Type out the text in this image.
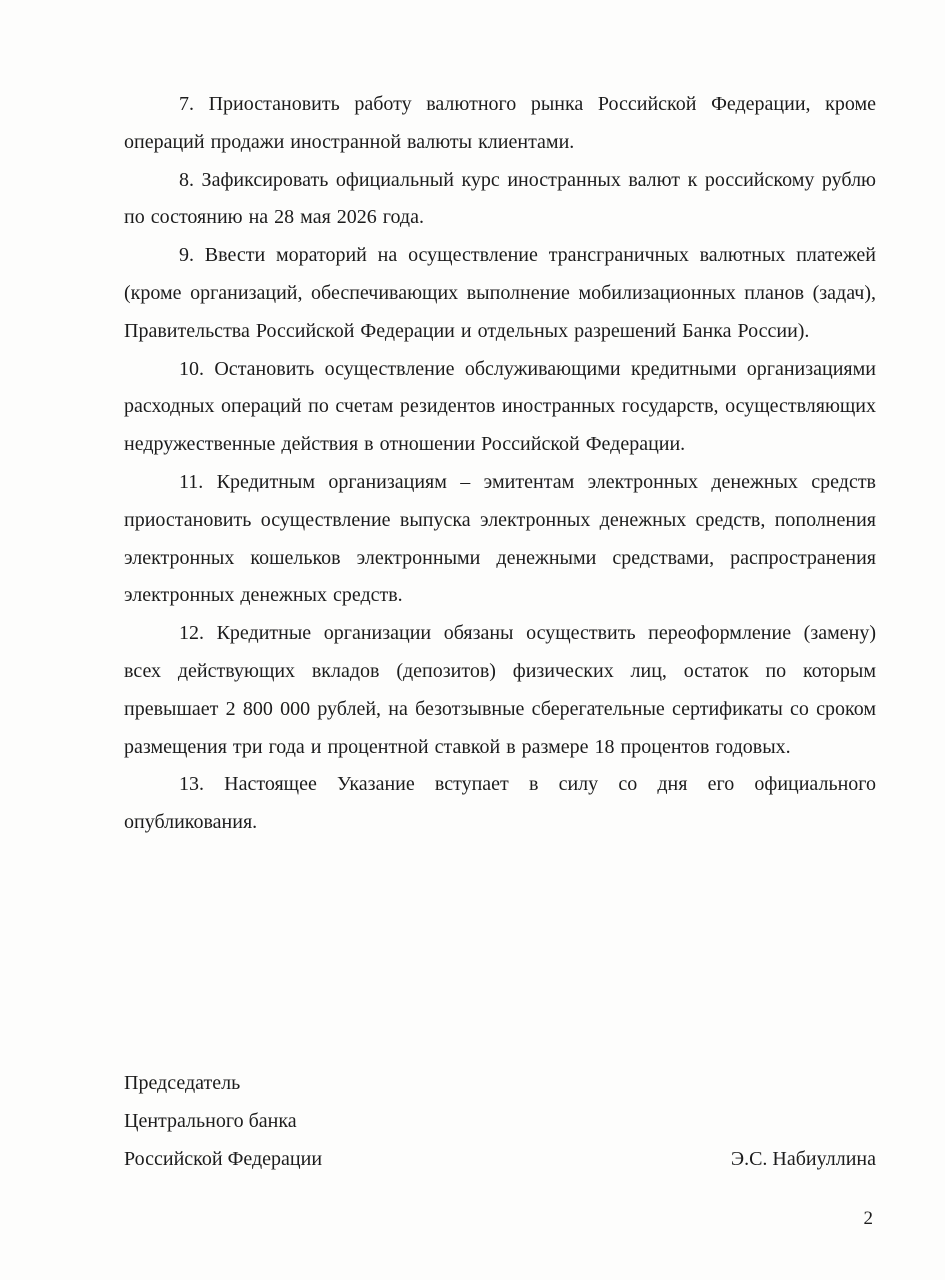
7. Приостановить работу валютного рынка Российской Федерации, кроме операций продажи иностранной валюты клиентами.

8. Зафиксировать официальный курс иностранных валют к российскому рублю по состоянию на 28 мая 2026 года.

9. Ввести мораторий на осуществление трансграничных валютных платежей (кроме организаций, обеспечивающих выполнение мобилизационных планов (задач), Правительства Российской Федерации и отдельных разрешений Банка России).

10. Остановить осуществление обслуживающими кредитными организациями расходных операций по счетам резидентов иностранных государств, осуществляющих недружественные действия в отношении Российской Федерации.

11. Кредитным организациям – эмитентам электронных денежных средств приостановить осуществление выпуска электронных денежных средств, пополнения электронных кошельков электронными денежными средствами, распространения электронных денежных средств.

12. Кредитные организации обязаны осуществить переоформление (замену) всех действующих вкладов (депозитов) физических лиц, остаток по которым превышает 2 800 000 рублей, на безотзывные сберегательные сертификаты со сроком размещения три года и процентной ставкой в размере 18 процентов годовых.

13. Настоящее Указание вступает в силу со дня его официального опубликования.

Председатель
Центрального банка
Российской Федерации	Э.С. Набиуллина
2
